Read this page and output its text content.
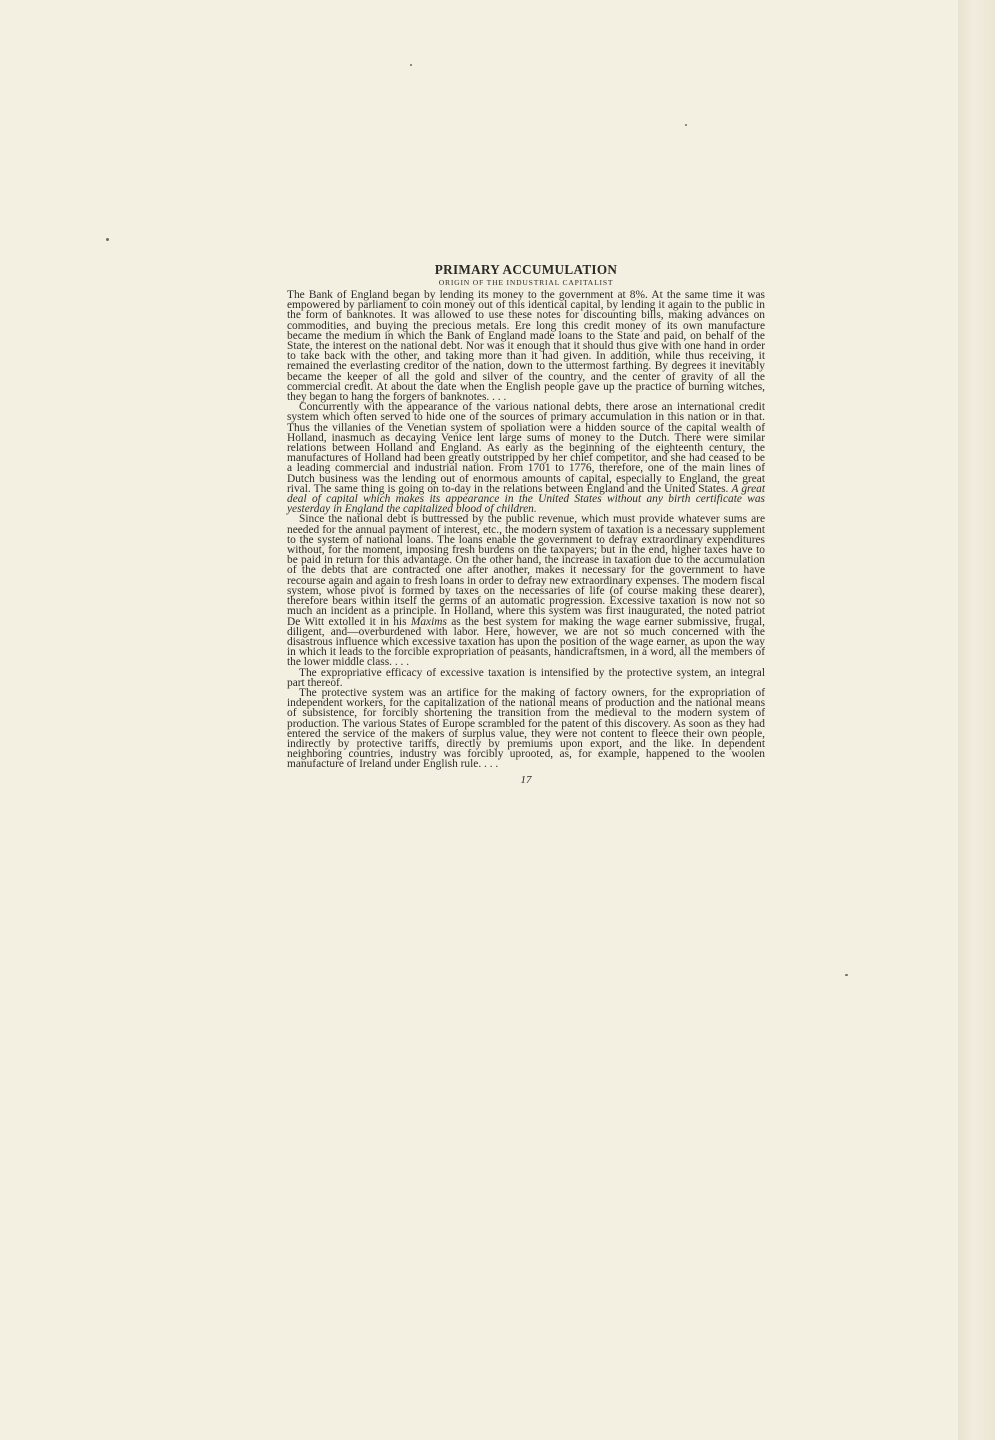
PRIMARY ACCUMULATION
ORIGIN OF THE INDUSTRIAL CAPITALIST

The Bank of England began by lending its money to the government at 8%. At the same time it was empowered by parliament to coin money out of this identical capital, by lending it again to the public in the form of banknotes. It was allowed to use these notes for discounting bills, making advances on commodities, and buying the precious metals. Ere long this credit money of its own manufacture became the medium in which the Bank of England made loans to the State and paid, on behalf of the State, the interest on the national debt. Nor was it enough that it should thus give with one hand in order to take back with the other, and taking more than it had given. In addition, while thus receiving, it remained the everlasting creditor of the nation, down to the uttermost farthing. By degrees it inevitably became the keeper of all the gold and silver of the country, and the center of gravity of all the commercial credit. At about the date when the English people gave up the practice of burning witches, they began to hang the forgers of banknotes. . . .

Concurrently with the appearance of the various national debts, there arose an international credit system which often served to hide one of the sources of primary accumulation in this nation or in that. Thus the villanies of the Venetian system of spoliation were a hidden source of the capital wealth of Holland, inasmuch as decaying Venice lent large sums of money to the Dutch. There were similar relations between Holland and England. As early as the beginning of the eighteenth century, the manufactures of Holland had been greatly outstripped by her chief competitor, and she had ceased to be a leading commercial and industrial nation. From 1701 to 1776, therefore, one of the main lines of Dutch business was the lending out of enormous amounts of capital, especially to England, the great rival. The same thing is going on to-day in the relations between England and the United States. A great deal of capital which makes its appearance in the United States without any birth certificate was yesterday in England the capitalized blood of children.

Since the national debt is buttressed by the public revenue, which must provide whatever sums are needed for the annual payment of interest, etc., the modern system of taxation is a necessary supplement to the system of national loans. The loans enable the government to defray extraordinary expenditures without, for the moment, imposing fresh burdens on the taxpayers; but in the end, higher taxes have to be paid in return for this advantage. On the other hand, the increase in taxation due to the accumulation of the debts that are contracted one after another, makes it necessary for the government to have recourse again and again to fresh loans in order to defray new extraordinary expenses. The modern fiscal system, whose pivot is formed by taxes on the necessaries of life (of course making these dearer), therefore bears within itself the germs of an automatic progression. Excessive taxation is now not so much an incident as a principle. In Holland, where this system was first inaugurated, the noted patriot De Witt extolled it in his Maxims as the best system for making the wage earner submissive, frugal, diligent, and—overburdened with labor. Here, however, we are not so much concerned with the disastrous influence which excessive taxation has upon the position of the wage earner, as upon the way in which it leads to the forcible expropriation of peasants, handicraftsmen, in a word, all the members of the lower middle class. . . .

The expropriative efficacy of excessive taxation is intensified by the protective system, an integral part thereof.

The protective system was an artifice for the making of factory owners, for the expropriation of independent workers, for the capitalization of the national means of production and the national means of subsistence, for forcibly shortening the transition from the medieval to the modern system of production. The various States of Europe scrambled for the patent of this discovery. As soon as they had entered the service of the makers of surplus value, they were not content to fleece their own people, indirectly by protective tariffs, directly by premiums upon export, and the like. In dependent neighboring countries, industry was forcibly uprooted, as, for example, happened to the woolen manufacture of Ireland under English rule. . . .

17
